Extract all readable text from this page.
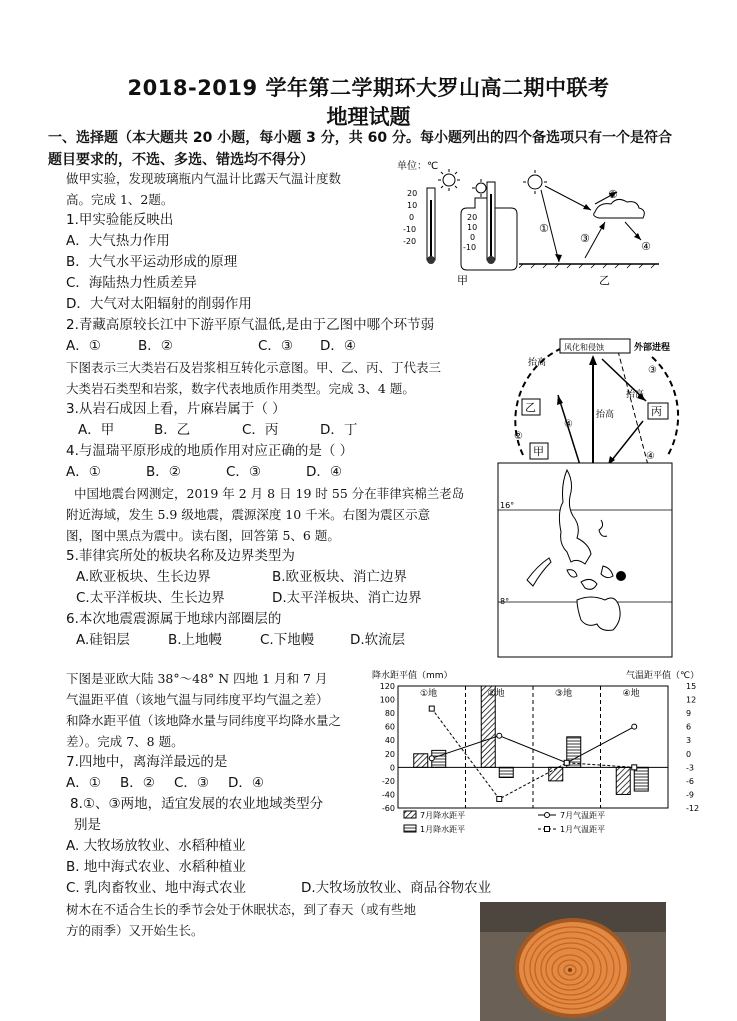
2018-2019 学年第二学期环大罗山高二期中联考
地理试题
一、选择题（本大题共 20 小题，每小题 3 分，共 60 分。每小题列出的四个备选项只有一个是符合
题目要求的，不选、多选、错选均不得分）
做甲实验，发现玻璃瓶内气温计比露天气温计度数
高。完成 1、2题。
1.甲实验能反映出
A．大气热力作用
B．大气水平运动形成的原理
C．海陆热力性质差异
D．大气对太阳辐射的削弱作用
2.青藏高原较长江中下游平原气温低,是由于乙图中哪个环节弱
A．①	B．②	C．③ D．④
下图表示三大类岩石及岩浆相互转化示意图。甲、乙、丙、丁代表三
大类岩石类型和岩浆，数字代表地质作用类型。完成 3、4 题。
3.从岩石成因上看，片麻岩属于（ ）
A．甲	B．乙	C．丙	D．丁
4.与温瑞平原形成的地质作用对应正确的是（ ）
A．①	B．②	C．③	D．④
中国地震台网测定，2019 年 2 月 8 日 19 时 55 分在菲律宾棉兰老岛
附近海域，发生 5.9 级地震，震源深度 10 千米。右图为震区示意
图，图中黑点为震中。读右图，回答第 5、6 题。
5.菲律宾所处的板块名称及边界类型为
A.欧亚板块、生长边界	B.欧亚板块、消亡边界
C.太平洋板块、生长边界	D.太平洋板块、消亡边界
6.本次地震震源属于地球内部圈层的
A.硅铝层	B.上地幔	C.下地幔	D.软流层
下图是亚欧大陆 38°～48° N 四地 1 月和 7 月
气温距平值（该地气温与同纬度平均气温之差）
和降水距平值（该地降水量与同纬度平均降水量之
差）。完成 7、8 题。
7.四地中，离海洋最远的是
A．① B．② C．③ D．④
8.①、③两地，适宜发展的农业地域类型分
别是
A. 大牧场放牧业、水稻种植业
B. 地中海式农业、水稻种植业
C. 乳肉畜牧业、地中海式农业	D.大牧场放牧业、商品谷物农业
树木在不适合生长的季节会处于休眠状态，到了春天（或有些地
方的雨季）又开始生长。
单位：℃
20
10
0
-10
-20
20
10
0
-10
甲
①
②
③
④
乙
风化和侵蚀	外部进程
乙
甲
丙
抬高
抬高
抬高
②
④
③
④
16°
8°
降水距平值（mm）	气温距平值（℃）
120
100
80
60
40
20
0
-20
-40
-60
15
12
9
6
3
0
-3
-6
-9
-12
①地	②地	③地	④地
7月降水距平
1月降水距平
7月气温距平
1月气温距平
